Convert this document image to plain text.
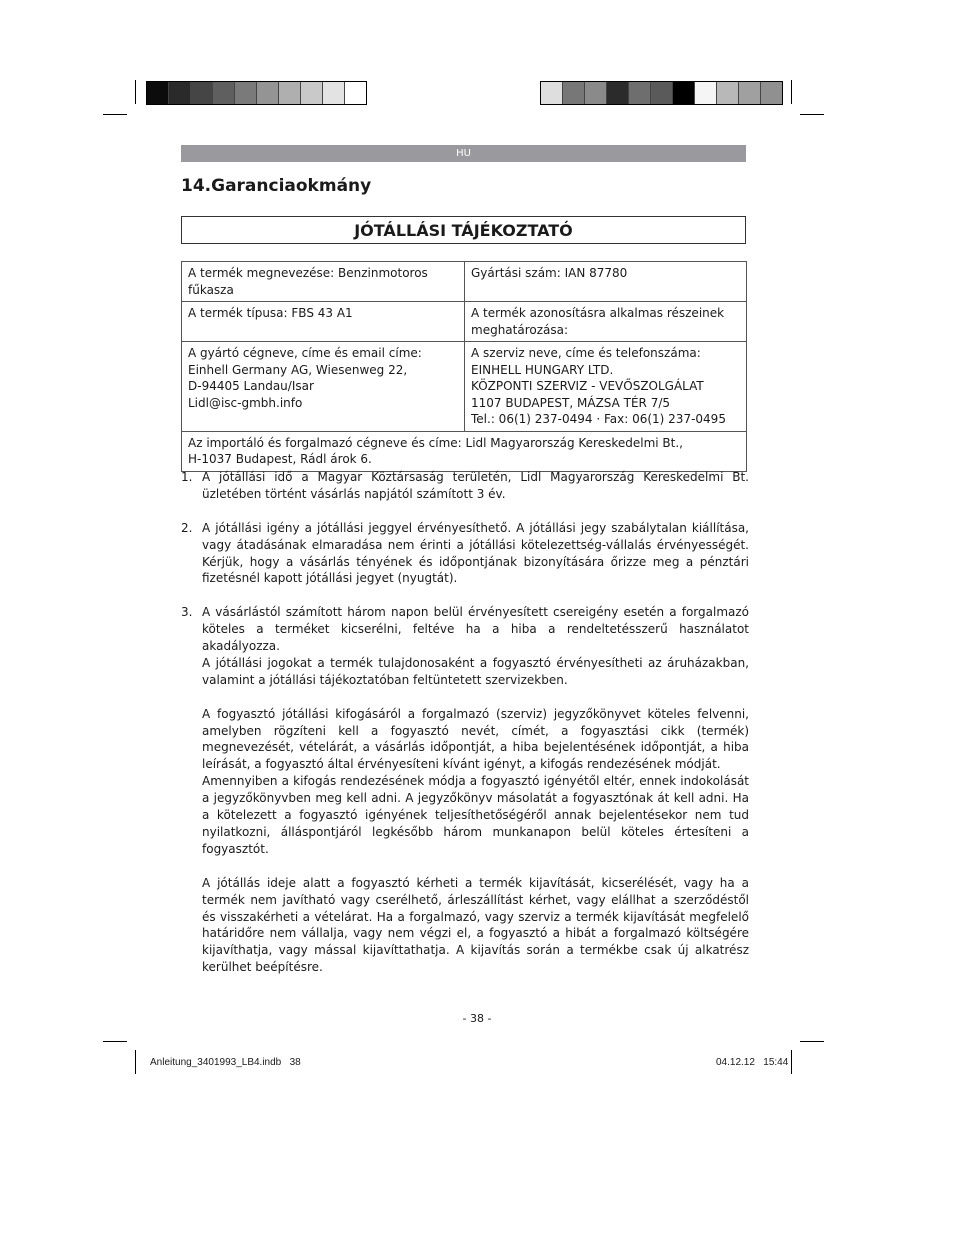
HU
14.Garanciaokmány
JÓTÁLLÁSI TÁJÉKOZTATÓ
A termék megnevezése: Benzinmotoros fűkasza	Gyártási szám: IAN 87780

A termék típusa: FBS 43 A1	A termék azonosításra alkalmas részeinek
meghatározása:

A gyártó cégneve, címe és email címe:
Einhell Germany AG, Wiesenweg 22,
D-94405 Landau/Isar
Lidl@isc-gmbh.info	A szerviz neve, címe és telefonszáma:
EINHELL HUNGARY LTD.
KÖZPONTI SZERVIZ - VEVŐSZOLGÁLAT
1107 BUDAPEST, MÁZSA TÉR 7/5
Tel.: 06(1) 237-0494 · Fax: 06(1) 237-0495

Az importáló és forgalmazó cégneve és címe: Lidl Magyarország Kereskedelmi Bt.,
H-1037 Budapest, Rádl árok 6.	
1. A jótállási idő a Magyar Köztársaság területén, Lidl Magyarország Kereskedelmi Bt. üzletében történt vásárlás napjától számított 3 év.

2. A jótállási igény a jótállási jeggyel érvényesíthető. A jótállási jegy szabálytalan kiállítása, vagy átadásának elmaradása nem érinti a jótállási kötelezettség-vállalás érvényességét. Kérjük, hogy a vásárlás tényének és időpontjának bizonyítására őrizze meg a pénztári fizetésnél kapott jótállási jegyet (nyugtát).

3. A vásárlástól számított három napon belül érvényesített csereigény esetén a forgalmazó köteles a terméket kicserélni, feltéve ha a hiba a rendeltetésszerű használatot akadályozza.

A jótállási jogokat a termék tulajdonosaként a fogyasztó érvényesítheti az áruházakban, valamint a jótállási tájékoztatóban feltüntetett szervizekben.

A fogyasztó jótállási kifogásáról a forgalmazó (szerviz) jegyzőkönyvet köteles felvenni, amelyben rögzíteni kell a fogyasztó nevét, címét, a fogyasztási cikk (termék) megnevezését, vételárát, a vásárlás időpontját, a hiba bejelentésének időpontját, a hiba leírását, a fogyasztó által érvényesíteni kívánt igényt, a kifogás rendezésének módját.

Amennyiben a kifogás rendezésének módja a fogyasztó igényétől eltér, ennek indokolását a jegyzőkönyvben meg kell adni. A jegyzőkönyv másolatát a fogyasztónak át kell adni. Ha a kötelezett a fogyasztó igényének teljesíthetőségéről annak bejelentésekor nem tud nyilatkozni, álláspontjáról legkésőbb három munkanapon belül köteles értesíteni a fogyasztót.

A jótállás ideje alatt a fogyasztó kérheti a termék kijavítását, kicserélését, vagy ha a termék nem javítható vagy cserélhető, árleszállítást kérhet, vagy elállhat a szerződéstől és visszakérheti a vételárat. Ha a forgalmazó, vagy szerviz a termék kijavítását megfelelő határidőre nem vállalja, vagy nem végzi el, a fogyasztó a hibát a forgalmazó költségére kijavíthatja, vagy mással kijavíttathatja. A kijavítás során a termékbe csak új alkatrész kerülhet beépítésre.

- 38 -
Anleitung_3401993_LB4.indb   38	04.12.12   15:44
